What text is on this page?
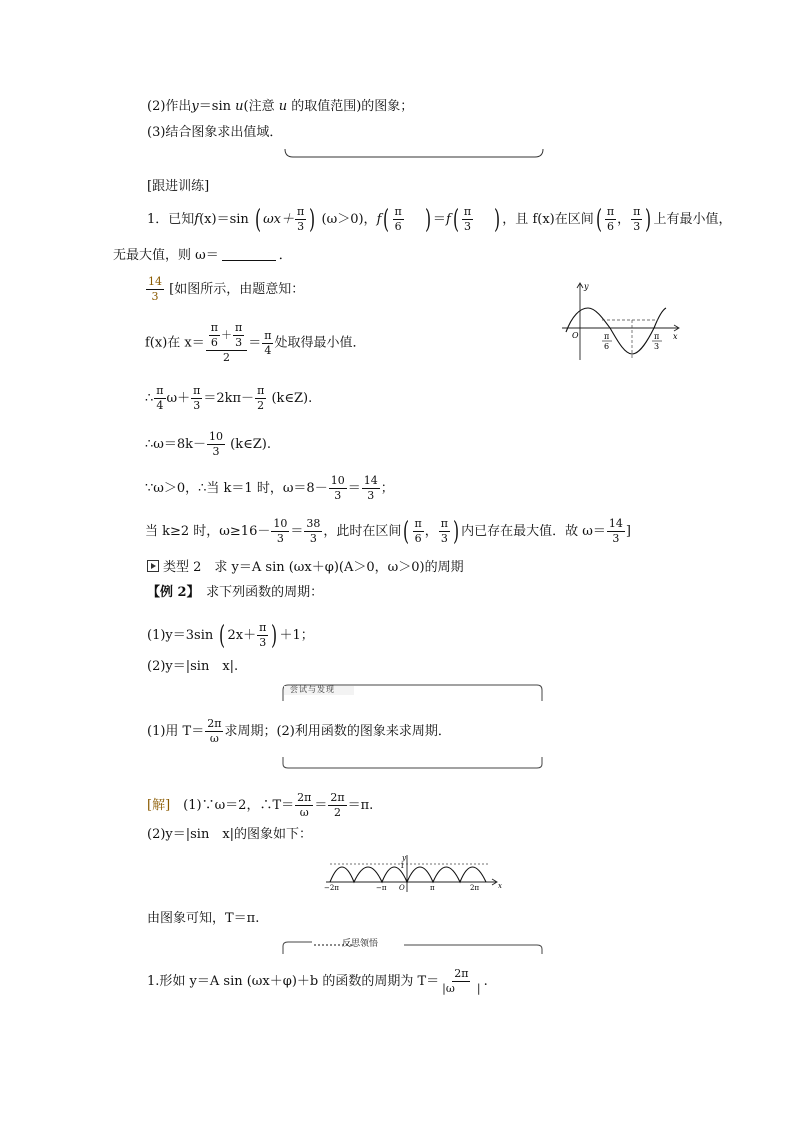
(2)作出y＝sin u(注意 u 的取值范围)的图象；
(3)结合图象求出值域．
[跟进训练]
1．已知f(x)＝sin ( $\omega x+ \frac{\pi}{3}$ ) (ω＞0)，$f( \frac{\pi}{6}$ ) $=f( \frac{\pi}{3}$ ) ，且 f(x)在区间( $\frac{\pi}{6}$ ， $\frac{\pi}{3}$ ) 上有最小值，
无最大值，则 ω＝	．
$\frac{14}{3}$ [如图所示，由题意知：
f(x)在 $x= \frac{\frac{\pi}{6} + \frac{\pi}{3}}{2} = \frac{\pi}{4}$ 处取得最小值．
∴ $\frac{\pi}{4} \omega+ \frac{\pi}{3} =2k\pi- \frac{\pi}{2}$ (k∈Z).
∴ω＝8k－ $\frac{10}{3}$ (k∈Z).
∵ω＞0，∴当 k＝1 时，$\omega=8- \frac{10}{3} = \frac{14}{3}$ ；
当 k≥2 时，$\omega\ge 16- \frac{10}{3} = \frac{38}{3}$ ，此时在区间( $\frac{\pi}{6}$ ， $\frac{\pi}{3}$ ) 内已存在最大值．故 $\omega= \frac{14}{3}$ ]
y
x
O	π
6
π
3
类型 2　求 y＝A sin (ωx＋φ)(A＞0，ω＞0)的周期
【例 2】　 求下列函数的周期：
(1)y＝3sin ( $2x+ \frac{\pi}{3}$ ) ＋1；
(2)y＝|sin　x|.
尝试与发现
(1)用 $T= \frac{2\pi}{\omega}$ 求周期；(2)利用函数的图象来求周期．
[解]　 (1)∵ω＝2，∴T＝ $\frac{2\pi}{\omega} = \frac{2\pi}{2} =\pi$.
(2)y＝|sin　x|的图象如下：
y
1
x
O
−2π	−π	π	2π
由图象可知，T＝π.
反思领悟
1.形如 y＝A sin (ωx＋φ)＋b 的函数的周期为 $T= \frac{2\pi}{|\omega |}$ .
